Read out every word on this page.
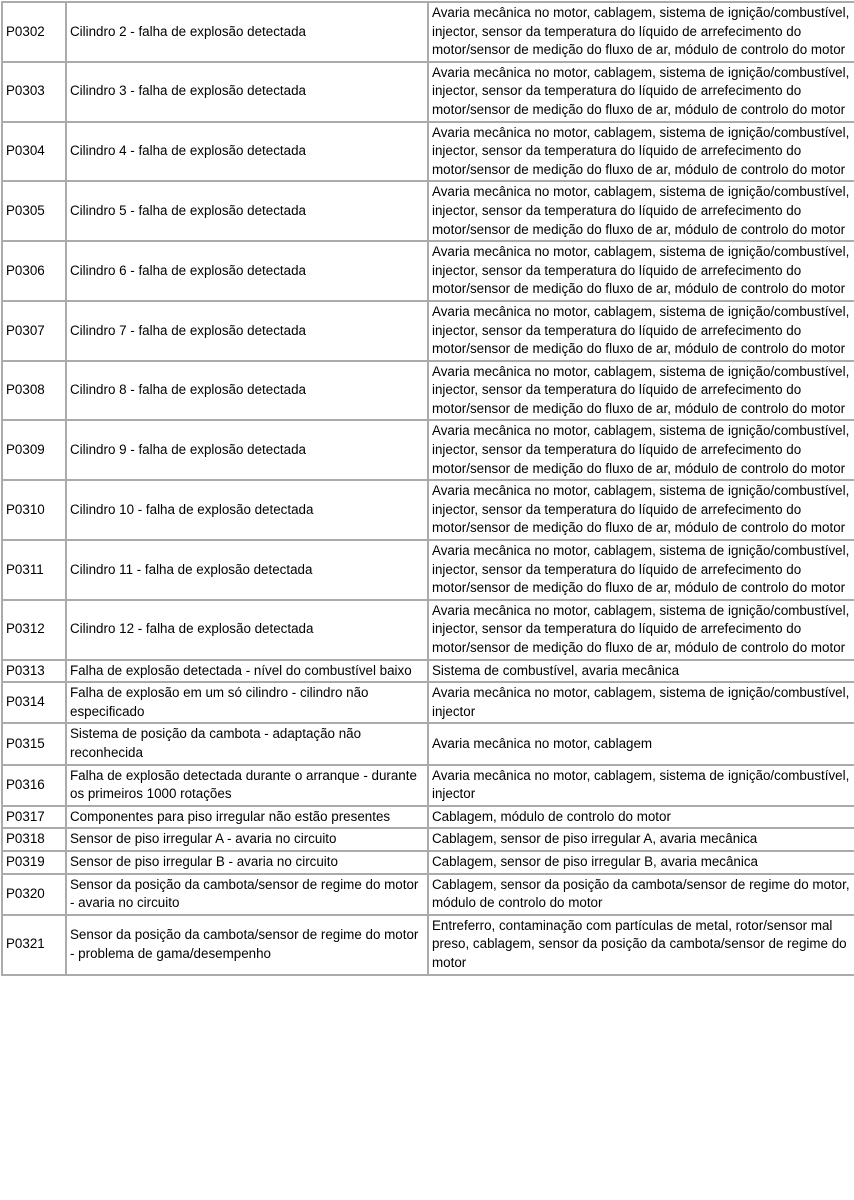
P0302	Cilindro 2 - falha de explosão detectada	Avaria mecânica no motor, cablagem, sistema de ignição/combustível, injector, sensor da temperatura do líquido de arrefecimento do motor/sensor de medição do fluxo de ar, módulo de controlo do motor
P0303	Cilindro 3 - falha de explosão detectada	Avaria mecânica no motor, cablagem, sistema de ignição/combustível, injector, sensor da temperatura do líquido de arrefecimento do motor/sensor de medição do fluxo de ar, módulo de controlo do motor
P0304	Cilindro 4 - falha de explosão detectada	Avaria mecânica no motor, cablagem, sistema de ignição/combustível, injector, sensor da temperatura do líquido de arrefecimento do motor/sensor de medição do fluxo de ar, módulo de controlo do motor
P0305	Cilindro 5 - falha de explosão detectada	Avaria mecânica no motor, cablagem, sistema de ignição/combustível, injector, sensor da temperatura do líquido de arrefecimento do motor/sensor de medição do fluxo de ar, módulo de controlo do motor
P0306	Cilindro 6 - falha de explosão detectada	Avaria mecânica no motor, cablagem, sistema de ignição/combustível, injector, sensor da temperatura do líquido de arrefecimento do motor/sensor de medição do fluxo de ar, módulo de controlo do motor
P0307	Cilindro 7 - falha de explosão detectada	Avaria mecânica no motor, cablagem, sistema de ignição/combustível, injector, sensor da temperatura do líquido de arrefecimento do motor/sensor de medição do fluxo de ar, módulo de controlo do motor
P0308	Cilindro 8 - falha de explosão detectada	Avaria mecânica no motor, cablagem, sistema de ignição/combustível, injector, sensor da temperatura do líquido de arrefecimento do motor/sensor de medição do fluxo de ar, módulo de controlo do motor
P0309	Cilindro 9 - falha de explosão detectada	Avaria mecânica no motor, cablagem, sistema de ignição/combustível, injector, sensor da temperatura do líquido de arrefecimento do motor/sensor de medição do fluxo de ar, módulo de controlo do motor
P0310	Cilindro 10 - falha de explosão detectada	Avaria mecânica no motor, cablagem, sistema de ignição/combustível, injector, sensor da temperatura do líquido de arrefecimento do motor/sensor de medição do fluxo de ar, módulo de controlo do motor
P0311	Cilindro 11 - falha de explosão detectada	Avaria mecânica no motor, cablagem, sistema de ignição/combustível, injector, sensor da temperatura do líquido de arrefecimento do motor/sensor de medição do fluxo de ar, módulo de controlo do motor
P0312	Cilindro 12 - falha de explosão detectada	Avaria mecânica no motor, cablagem, sistema de ignição/combustível, injector, sensor da temperatura do líquido de arrefecimento do motor/sensor de medição do fluxo de ar, módulo de controlo do motor
P0313	Falha de explosão detectada - nível do combustível baixo	Sistema de combustível, avaria mecânica
P0314	Falha de explosão em um só cilindro - cilindro não especificado	Avaria mecânica no motor, cablagem, sistema de ignição/combustível, injector
P0315	Sistema de posição da cambota - adaptação não reconhecida	Avaria mecânica no motor, cablagem
P0316	Falha de explosão detectada durante o arranque - durante os primeiros 1000 rotações	Avaria mecânica no motor, cablagem, sistema de ignição/combustível, injector
P0317	Componentes para piso irregular não estão presentes	Cablagem, módulo de controlo do motor
P0318	Sensor de piso irregular A - avaria no circuito	Cablagem, sensor de piso irregular A, avaria mecânica
P0319	Sensor de piso irregular B - avaria no circuito	Cablagem, sensor de piso irregular B, avaria mecânica
P0320	Sensor da posição da cambota/sensor de regime do motor - avaria no circuito	Cablagem, sensor da posição da cambota/sensor de regime do motor, módulo de controlo do motor
P0321	Sensor da posição da cambota/sensor de regime do motor - problema de gama/desempenho	Entreferro, contaminação com partículas de metal, rotor/sensor mal preso, cablagem, sensor da posição da cambota/sensor de regime do motor
